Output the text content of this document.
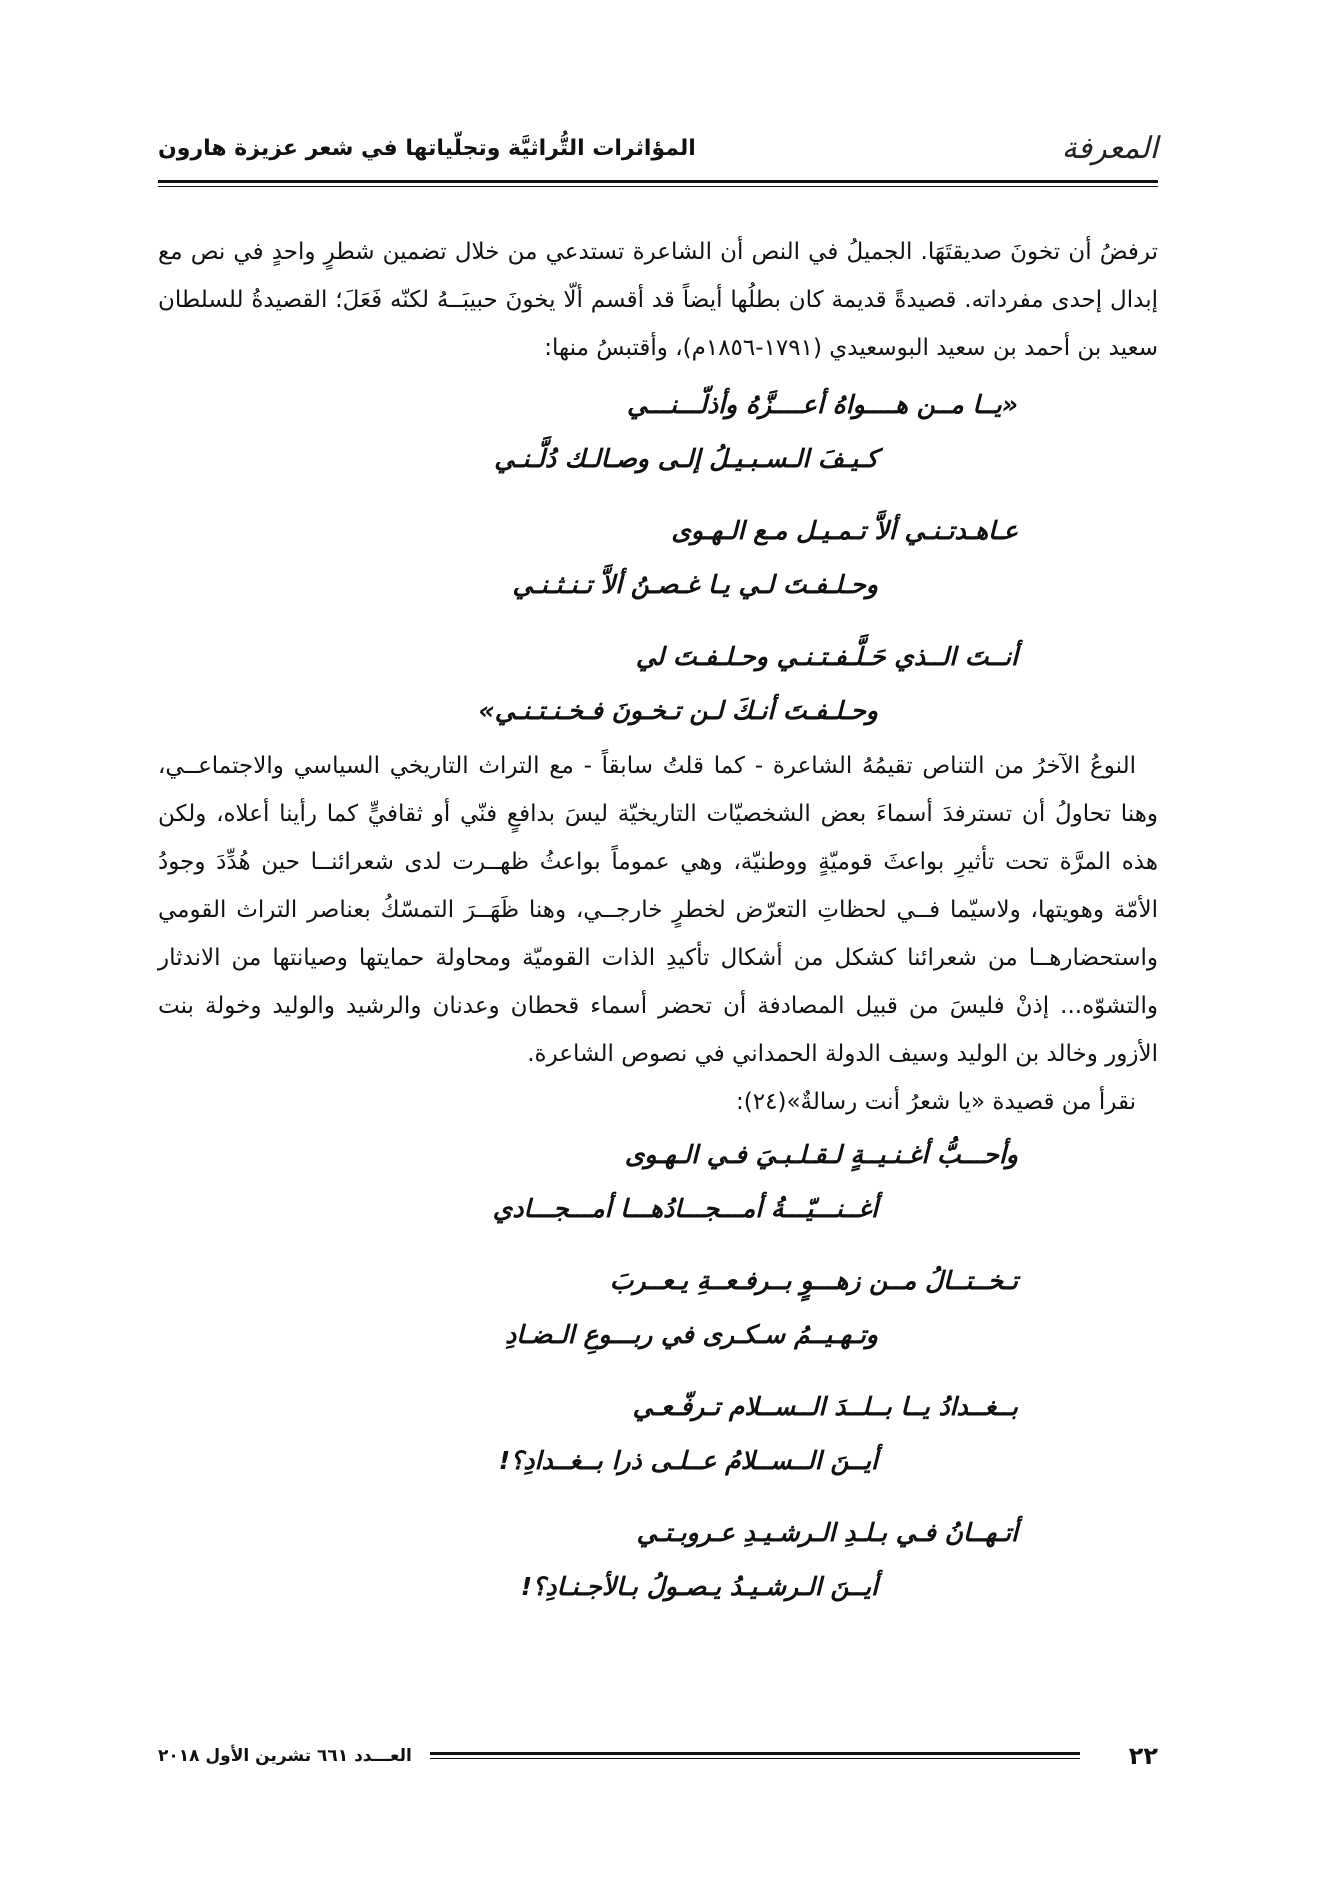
المعرفة
المؤاثرات التُّراثيَّة وتجلّياتها في شعر عزيزة هارون

ترفضُ أن تخونَ صديقتَهَا. الجميلُ في النص أن الشاعرة تستدعي من خلال تضمين شطرٍ واحدٍ في نص مع إبدال إحدى مفرداته. قصيدةً قديمة كان بطلُها أيضاً قد أقسم ألّا يخونَ حبيبَــهُ لكنّه فَعَلَ؛ القصيدةُ للسلطان سعيد بن أحمد بن سعيد البوسعيدي (١٧٩١-١٨٥٦م)، وأقتبسُ منها:

«يــا مــن هــــواهُ أعــــزَّهُ وأذلّـــنـــي
كـيـفَ الـسـبـيـلُ إلـى وصـالـك دُلَّـنـي
عـاهـدتـنـي ألاَّ تـمـيـل مـع الـهـوى
وحـلـفـتَ لـي يـا غـصـنُ ألاَّ تـنـثـنـي
أنــتَ الــذي حَـلَّـفـتـنـي وحـلـفـتَ لي
وحـلـفـتَ أنـكَ لـن تـخـونَ فـخـنـتـنـي»

النوعُ الآخرُ من التناص تقيمُهُ الشاعرة - كما قلتُ سابقاً - مع التراث التاريخي السياسي والاجتماعــي، وهنا تحاولُ أن تسترفدَ أسماءَ بعض الشخصيّات التاريخيّة ليسَ بدافعٍ فنّي أو ثقافيٍّ كما رأينا أعلاه، ولكن هذه المرَّة تحت تأثيرِ بواعثَ قوميّةٍ ووطنيّة، وهي عموماً بواعثُ ظهــرت لدى شعرائنــا حين هُدِّدَ وجودُ الأمّة وهويتها، ولاسيّما فــي لحظاتِ التعرّض لخطرٍ خارجــي، وهنا ظَهَــرَ التمسّكُ بعناصر التراث القومي واستحضارهــا من شعرائنا كشكل من أشكال تأكيدِ الذات القوميّة ومحاولة حمايتها وصيانتها من الاندثار والتشوّه... إذنْ فليسَ من قبيل المصادفة أن تحضر أسماء قحطان وعدنان والرشيد والوليد وخولة بنت الأزور وخالد بن الوليد وسيف الدولة الحمداني في نصوص الشاعرة.

نقرأ من قصيدة «يا شعرُ أنت رسالةٌ»(٢٤):

وأحـــبُّ أغـنـيــةٍ لـقـلـبـيَ فـي الـهـوى
أغــنـــيّـــةُ أمـــجـــادُهـــا أمـــجـــادي
تـخــتــالُ مــن زهـــوٍ بــرفـعــةِ يـعــربَ
وتـهـيــمُ سـكـرى في ربـــوعِ الـضـادِ
بــغــدادُ يــا بــلــدَ الــســلام تـرفّـعـي
أيــنَ الــســلامُ عــلـى ذرا بــغــدادِ؟!
أتـهــانُ فـي بـلـدِ الـرشـيـدِ عـروبـتـي
أيــنَ الـرشـيـدُ يـصـولُ بـالأجـنـادِ؟!
٢٢
العـــدد ٦٦١ تشرين الأول ٢٠١٨
